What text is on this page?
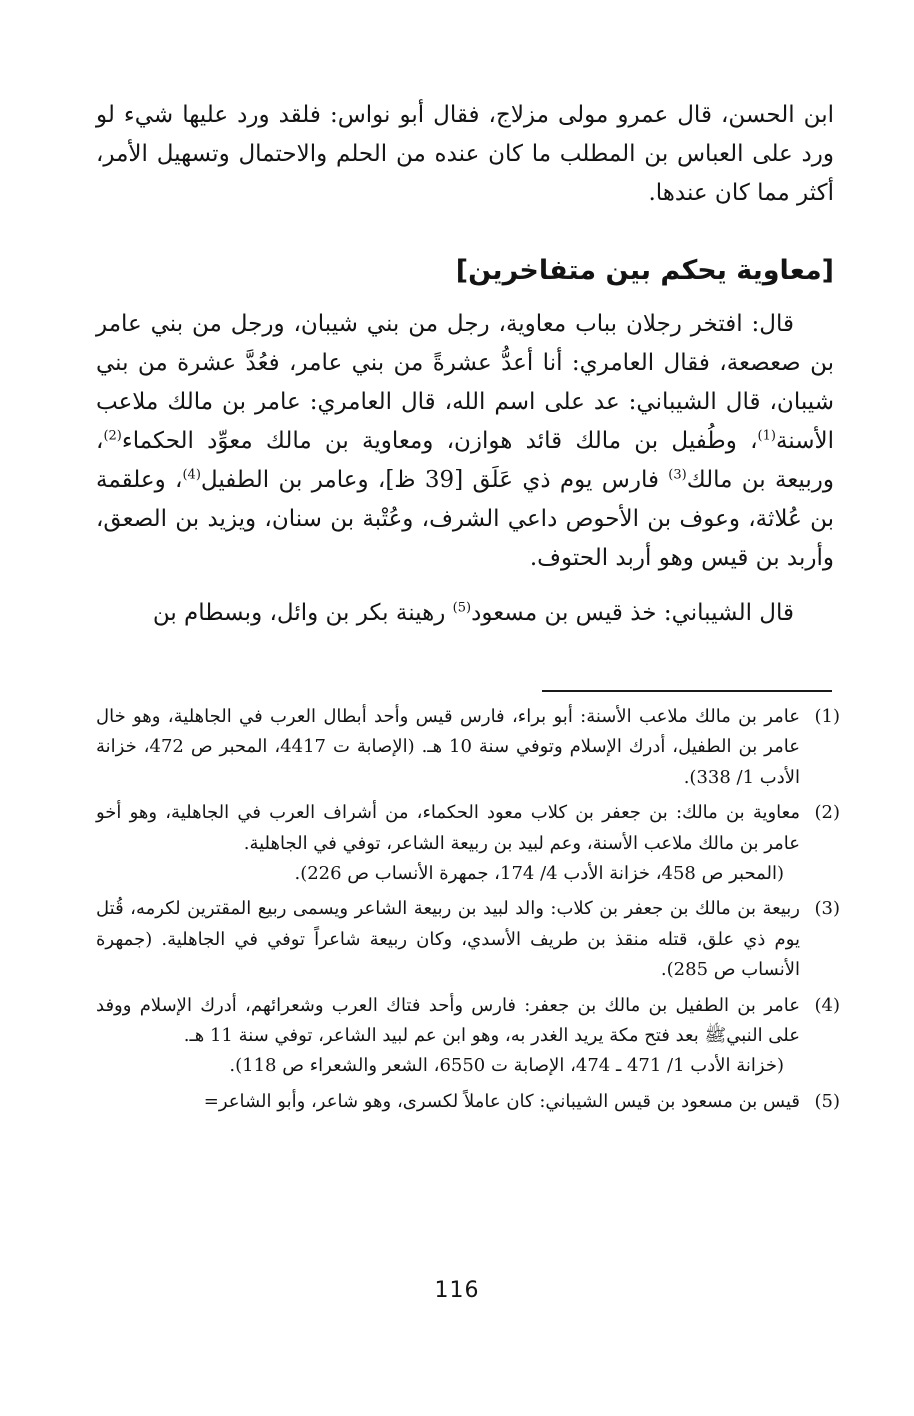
ابن الحسن، قال عمرو مولى مزلاج، فقال أبو نواس: فلقد ورد عليها شيء لو ورد على العباس بن المطلب ما كان عنده من الحلم والاحتمال وتسهيل الأمر، أكثر مما كان عندها.

[معاوية يحكم بين متفاخرين]

قال: افتخر رجلان بباب معاوية، رجل من بني شيبان، ورجل من بني عامر بن صعصعة، فقال العامري: أنا أعدُّ عشرةً من بني عامر، فعُدَّ عشرة من بني شيبان، قال الشيباني: عد على اسم الله، قال العامري: عامر بن مالك ملاعب الأسنة$^{(1)}$، وطُفيل بن مالك قائد هوازن، ومعاوية بن مالك معوِّد الحكماء$^{(2)}$، وربيعة بن مالك$^{(3)}$ فارس يوم ذي عَلَق [39 ظ]، وعامر بن الطفيل$^{(4)}$، وعلقمة بن عُلاثة، وعوف بن الأحوص داعي الشرف، وعُتْبة بن سنان، ويزيد بن الصعق، وأربد بن قيس وهو أربد الحتوف.

قال الشيباني: خذ قيس بن مسعود$^{(5)}$ رهينة بكر بن وائل، وبسطام بن

(1)
عامر بن مالك ملاعب الأسنة: أبو براء، فارس قيس وأحد أبطال العرب في الجاهلية، وهو خال عامر بن الطفيل، أدرك الإسلام وتوفي سنة 10 هـ. (الإصابة ت 4417، المحبر ص 472، خزانة الأدب 1/ 338).
(2)
معاوية بن مالك: بن جعفر بن كلاب معود الحكماء، من أشراف العرب في الجاهلية، وهو أخو عامر بن مالك ملاعب الأسنة، وعم لبيد بن ربيعة الشاعر، توفي في الجاهلية.
(المحبر ص 458، خزانة الأدب 4/ 174، جمهرة الأنساب ص 226).
(3)
ربيعة بن مالك بن جعفر بن كلاب: والد لبيد بن ربيعة الشاعر ويسمى ربيع المقترين لكرمه، قُتل يوم ذي علق، قتله منقذ بن طريف الأسدي، وكان ربيعة شاعراً توفي في الجاهلية. (جمهرة الأنساب ص 285).
(4)
عامر بن الطفيل بن مالك بن جعفر: فارس وأحد فتاك العرب وشعرائهم، أدرك الإسلام ووفد على النبيﷺ بعد فتح مكة يريد الغدر به، وهو ابن عم لبيد الشاعر، توفي سنة 11 هـ.
(خزانة الأدب 1/ 471 ـ 474، الإصابة ت 6550، الشعر والشعراء ص 118).
(5)
قيس بن مسعود بن قيس الشيباني: كان عاملاً لكسرى، وهو شاعر، وأبو الشاعر=
116
